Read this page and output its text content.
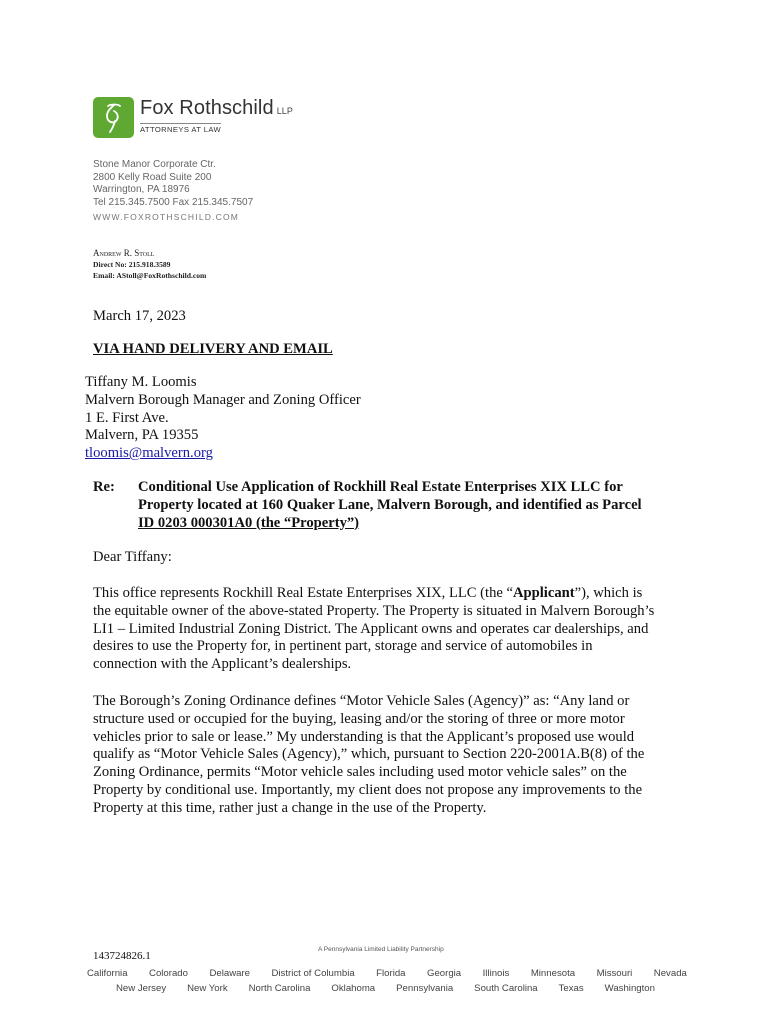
Fox Rothschild LLP
ATTORNEYS AT LAW
Stone Manor Corporate Ctr.
2800 Kelly Road Suite 200
Warrington, PA 18976
Tel 215.345.7500 Fax 215.345.7507
WWW.FOXROTHSCHILD.COM
Andrew R. Stoll
Direct No: 215.918.3589
Email: AStoll@FoxRothschild.com
March 17, 2023
VIA HAND DELIVERY AND EMAIL
Tiffany M. Loomis
Malvern Borough Manager and Zoning Officer
1 E. First Ave.
Malvern, PA 19355
tloomis@malvern.org
Re: Conditional Use Application of Rockhill Real Estate Enterprises XIX LLC for
Property located at 160 Quaker Lane, Malvern Borough, and identified as Parcel
ID 0203 000301A0 (the “Property”)
Dear Tiffany:
This office represents Rockhill Real Estate Enterprises XIX, LLC (the “Applicant”), which is
the equitable owner of the above-stated Property. The Property is situated in Malvern Borough’s
LI1 – Limited Industrial Zoning District. The Applicant owns and operates car dealerships, and
desires to use the Property for, in pertinent part, storage and service of automobiles in
connection with the Applicant’s dealerships.
The Borough’s Zoning Ordinance defines “Motor Vehicle Sales (Agency)” as: “Any land or
structure used or occupied for the buying, leasing and/or the storing of three or more motor
vehicles prior to sale or lease.” My understanding is that the Applicant’s proposed use would
qualify as “Motor Vehicle Sales (Agency),” which, pursuant to Section 220-2001A.B(8) of the
Zoning Ordinance, permits “Motor vehicle sales including used motor vehicle sales” on the
Property by conditional use. Importantly, my client does not propose any improvements to the
Property at this time, rather just a change in the use of the Property.
143724826.1
A Pennsylvania Limited Liability Partnership
California Colorado Delaware District of Columbia Florida Georgia Illinois Minnesota Missouri Nevada
New Jersey New York North Carolina Oklahoma Pennsylvania South Carolina Texas Washington
